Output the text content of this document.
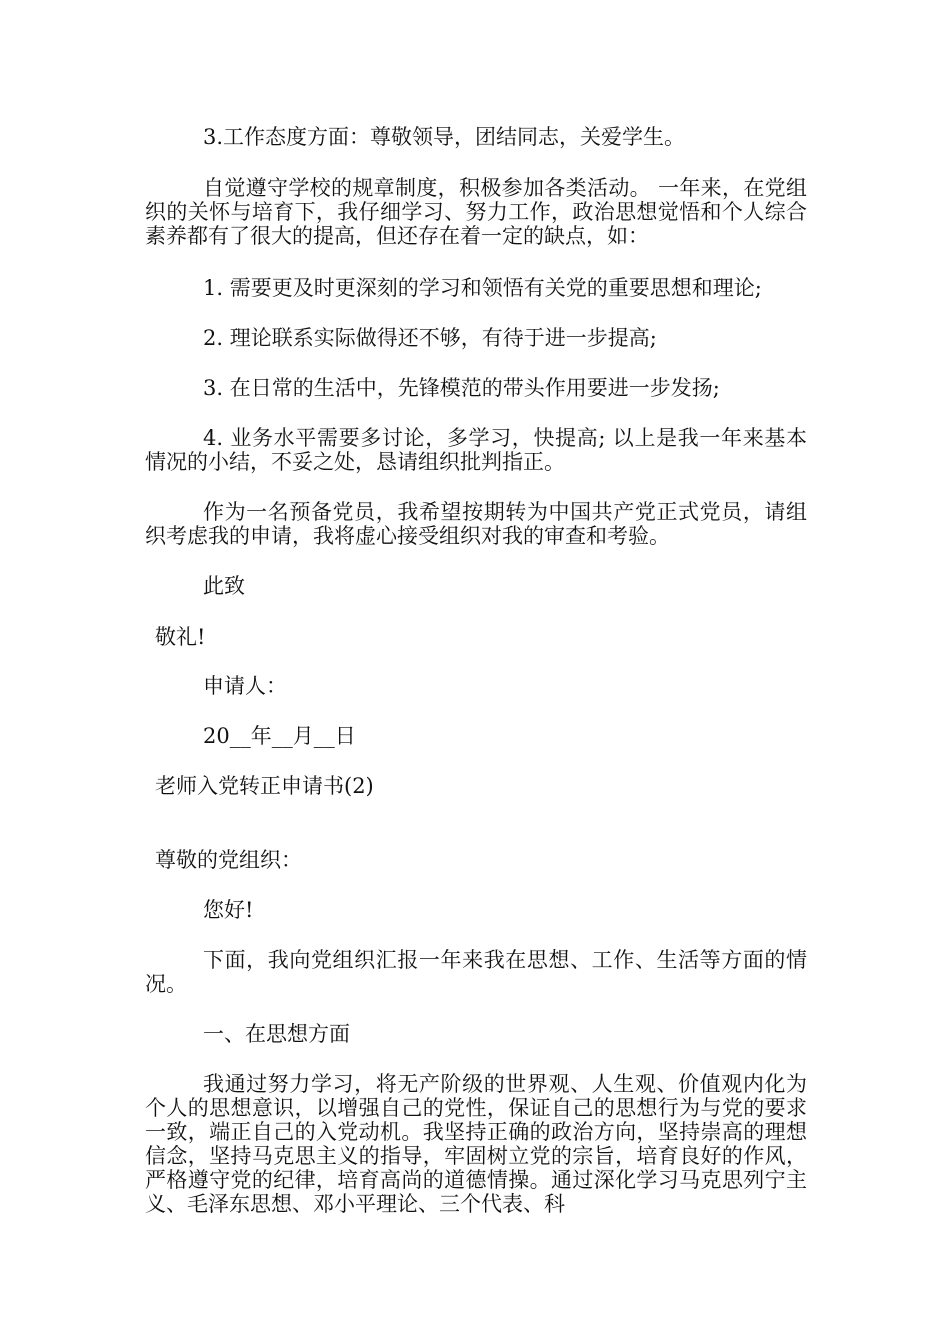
3.工作态度方面：尊敬领导，团结同志，关爱学生。

自觉遵守学校的规章制度，积极参加各类活动。 一年来，在党组织的关怀与培育下，我仔细学习、努力工作，政治思想觉悟和个人综合素养都有了很大的提高，但还存在着一定的缺点，如：

1. 需要更及时更深刻的学习和领悟有关党的重要思想和理论;

2. 理论联系实际做得还不够，有待于进一步提高;

3. 在日常的生活中，先锋模范的带头作用要进一步发扬;

4. 业务水平需要多讨论，多学习，快提高; 以上是我一年来基本情况的小结，不妥之处，恳请组织批判指正。

作为一名预备党员，我希望按期转为中国共产党正式党员，请组织考虑我的申请，我将虚心接受组织对我的审查和考验。

此致

敬礼!

申请人：

20__年__月__日

老师入党转正申请书(2)

尊敬的党组织：

您好!

下面，我向党组织汇报一年来我在思想、工作、生活等方面的情况。

一、在思想方面

我通过努力学习，将无产阶级的世界观、人生观、价值观内化为个人的思想意识，以增强自己的党性，保证自己的思想行为与党的要求一致，端正自己的入党动机。我坚持正确的政治方向，坚持崇高的理想信念，坚持马克思主义的指导，牢固树立党的宗旨，培育良好的作风，严格遵守党的纪律，培育高尚的道德情操。通过深化学习马克思列宁主义、毛泽东思想、邓小平理论、三个代表、科
